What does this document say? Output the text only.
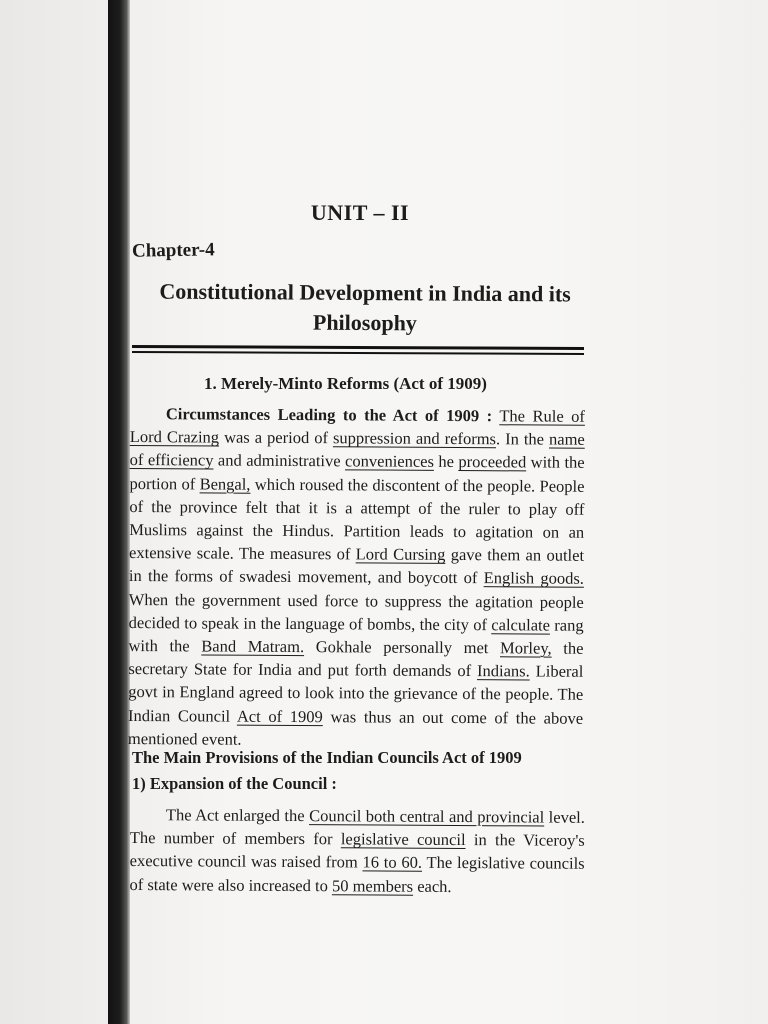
UNIT – II
Chapter-4
Constitutional Development in India and its
Philosophy
1. Merely-Minto Reforms (Act of 1909)

Circumstances Leading to the Act of 1909 : The Rule of Lord Crazing was a period of suppression and reforms. In the name of efficiency and administrative conveniences he proceeded with the portion of Bengal, which roused the discontent of the people. People of the province felt that it is a attempt of the ruler to play off Muslims against the Hindus. Partition leads to agitation on an extensive scale. The measures of Lord Cursing gave them an outlet in the forms of swadesi movement, and boycott of English goods. When the government used force to suppress the agitation people decided to speak in the language of bombs, the city of calculate rang with the Band Matram. Gokhale personally met Morley, the secretary State for India and put forth demands of Indians. Liberal govt in England agreed to look into the grievance of the people. The Indian Council Act of 1909 was thus an out come of the above mentioned event.

The Main Provisions of the Indian Councils Act of 1909
1) Expansion of the Council :

The Act enlarged the Council both central and provincial level. The number of members for legislative council in the Viceroy's executive council was raised from 16 to 60. The legislative councils of state were also increased to 50 members each.
